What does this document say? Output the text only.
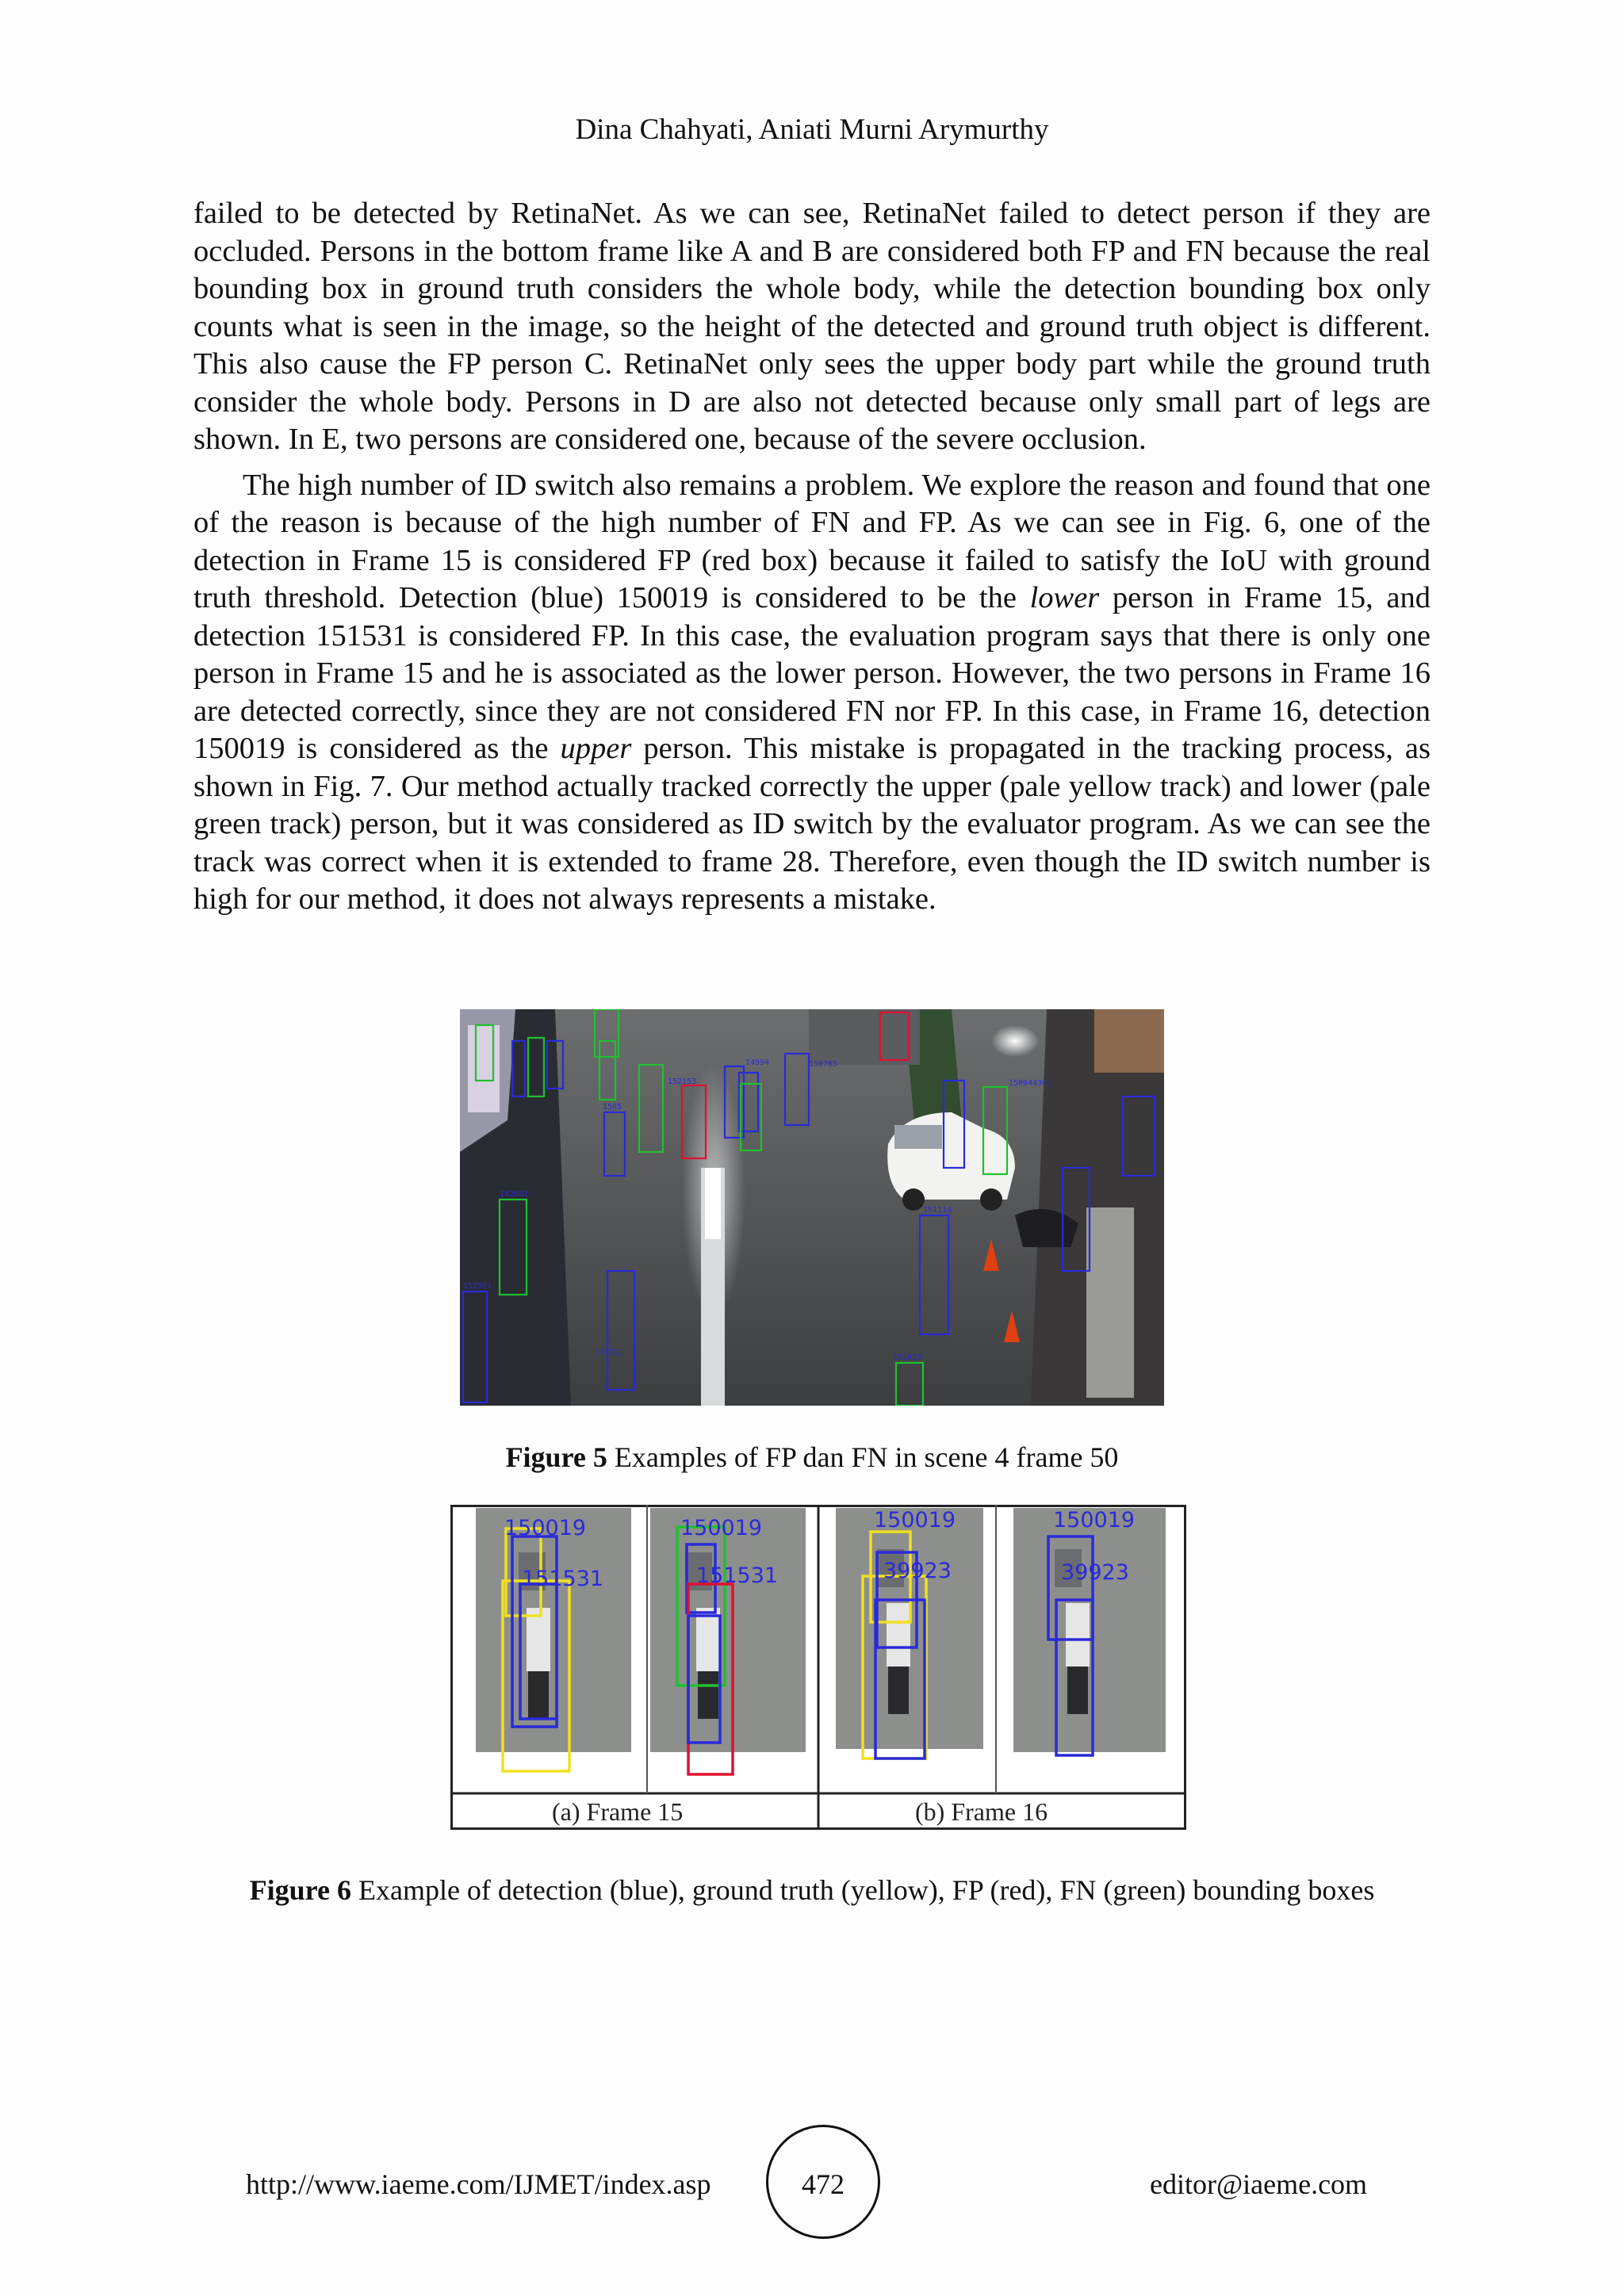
Dina Chahyati, Aniati Murni Arymurthy

failed to be detected by RetinaNet. As we can see, RetinaNet failed to detect person if they are occluded. Persons in the bottom frame like A and B are considered both FP and FN because the real bounding box in ground truth considers the whole body, while the detection bounding box only counts what is seen in the image, so the height of the detected and ground truth object is different. This also cause the FP person C. RetinaNet only sees the upper body part while the ground truth consider the whole body. Persons in D are also not detected because only small part of legs are shown. In E, two persons are considered one, because of the severe occlusion.

The high number of ID switch also remains a problem. We explore the reason and found that one of the reason is because of the high number of FN and FP. As we can see in Fig. 6, one of the detection in Frame 15 is considered FP (red box) because it failed to satisfy the IoU with ground truth threshold. Detection (blue) 150019 is considered to be the lower person in Frame 15, and detection 151531 is considered FP. In this case, the evaluation program says that there is only one person in Frame 15 and he is associated as the lower person. However, the two persons in Frame 16 are detected correctly, since they are not considered FN nor FP. In this case, in Frame 16, detection 150019 is considered as the upper person. This mistake is propagated in the tracking process, as shown in Fig. 7. Our method actually tracked correctly the upper (pale yellow track) and lower (pale green track) person, but it was considered as ID switch by the evaluator program. As we can see the track was correct when it is extended to frame 28. Therefore, even though the ID switch number is high for our method, it does not always represents a mistake.

142601
1505
152153
14994	150765
150944301
151114
174721
151033
152301
Figure 5 Examples of FP dan FN in scene 4 frame 50
150019
151531
150019
151531
150019
39923
150019
39923
(a) Frame 15	(b) Frame 16
Figure 6 Example of detection (blue), ground truth (yellow), FP (red), FN (green) bounding boxes
http://www.iaeme.com/IJMET/index.asp	472	editor@iaeme.com
